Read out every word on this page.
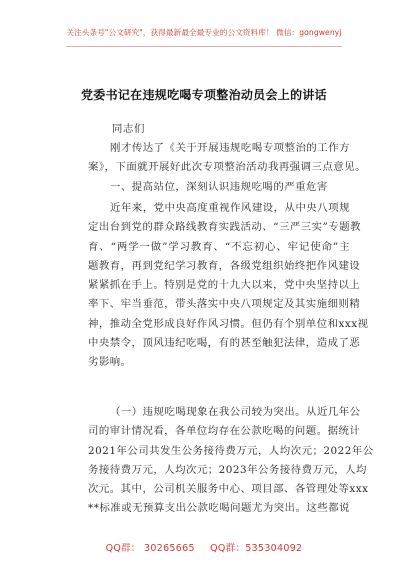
关注头条号"公文研究"，获得最新最全最专业的公文资料库！ 微信：gongwenyj
党委书记在违规吃喝专项整治动员会上的讲话
同志们
刚才传达了《关于开展违规吃喝专项整治的工作方
案》，下面就开展好此次专项整治活动我再强调三点意见。
一、提高站位，深刻认识违规吃喝的严重危害
近年来，党中央高度重视作风建设，从中央八项规
定出台到党的群众路线教育实践活动、“三严三实”专题教
育、“两学一做”学习教育、“不忘初心、牢记使命”主
题教育，再到党纪学习教育，各级党组织始终把作风建设
紧紧抓在手上。特别是党的十九大以来，党中央坚持以上
率下、牢当垂范，带头落实中央八项规定及其实施细则精
神，推动全党形成良好作风习惯。但仍有个别单位和xxx视
中央禁令，顶风违纪吃喝，有的甚至触犯法律，造成了恶
劣影响。
（一）违规吃喝现象在我公司较为突出。从近几年公
司的审计情况看，各单位均存在公款吃喝的问题。据统计
2021年公司共发生公务接待费万元，人均次元；2022年公
务接待费万元，人均次元；2023年公务接待费万元，人均
次元。其中，公司机关服务中心、项目部、各管理处等xxx
**标准或无预算支出公款吃喝问题尤为突出。这些都说
QQ群： 30265665 QQ群：535304092
